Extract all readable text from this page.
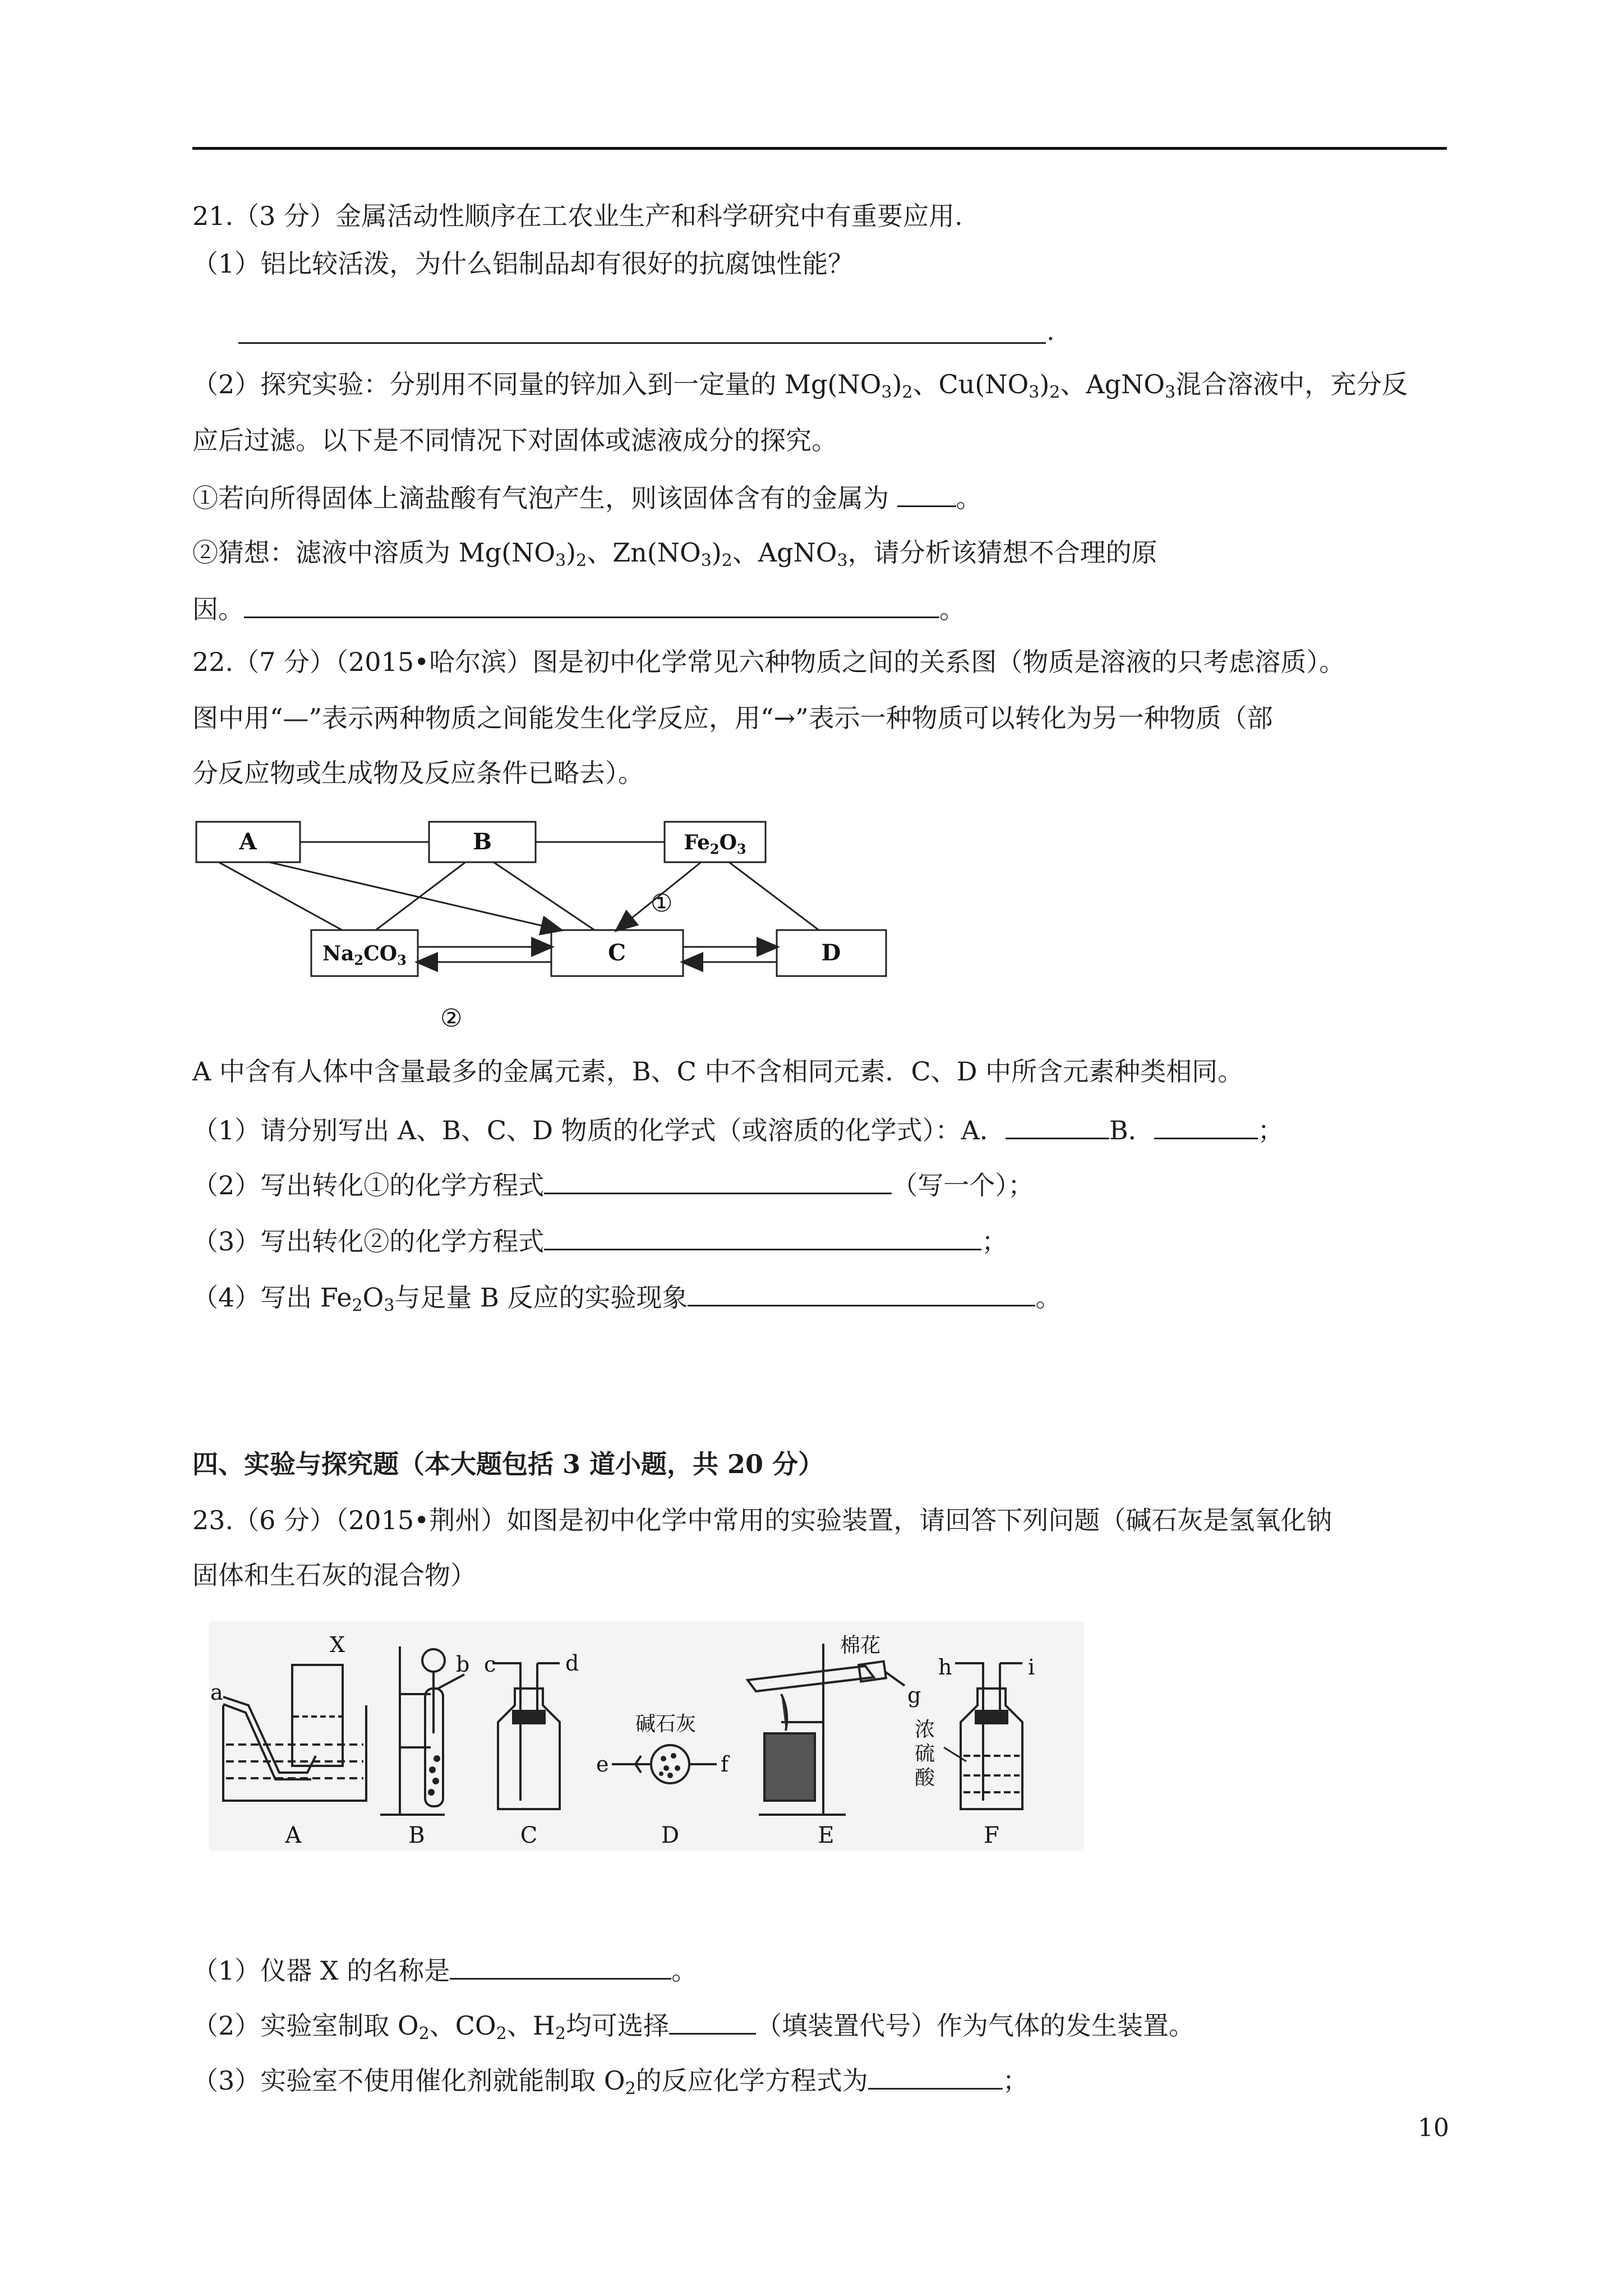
21.（3 分）金属活动性顺序在工农业生产和科学研究中有重要应用.
（1）铝比较活泼，为什么铝制品却有很好的抗腐蚀性能？
.
（2）探究实验：分别用不同量的锌加入到一定量的 $Mg(NO_3)_2$、$Cu(NO_3)_2$、AgNO$_3$混合溶液中，充分反
应后过滤。以下是不同情况下对固体或滤液成分的探究。
①若向所得固体上滴盐酸有气泡产生，则该固体含有的金属为	。
②猜想：滤液中溶质为 $Mg(NO_3)_2$、$Zn(NO_3)_2$、AgNO$_3$，请分析该猜想不合理的原
因。	。
22.（7 分）（2015•哈尔滨）图是初中化学常见六种物质之间的关系图（物质是溶液的只考虑溶质）。
图中用“—”表示两种物质之间能发生化学反应，用“→”表示一种物质可以转化为另一种物质（部
分反应物或生成物及反应条件已略去）。
A	B	$Fe_2O_3$
$Na_2CO_3$	C	D
①
②
A 中含有人体中含量最多的金属元素，B、C 中不含相同元素．C、D 中所含元素种类相同。
（1）请分别写出 A、B、C、D 物质的化学式（或溶质的化学式）：A．	B．	；
（2）写出转化①的化学方程式	（写一个）；
（3）写出转化②的化学方程式	；
（4）写出 $Fe_2O_3$与足量 B 反应的实验现象	。
四、实验与探究题（本大题包括 3 道小题，共 20 分）
23.（6 分）（2015•荆州）如图是初中化学中常用的实验装置，请回答下列问题（碱石灰是氢氧化钠
固体和生石灰的混合物）
X
a
b c	d
e	f
g
h	i
碱石灰
棉花
浓
硫
酸
A	B	C	D	E	F
（1）仪器 X 的名称是	。
（2）实验室制取 $O_2$、$CO_2$、$H_2$均可选择	（填装置代号）作为气体的发生装置。
（3）实验室不使用催化剂就能制取 $O_2$的反应化学方程式为	；
10
